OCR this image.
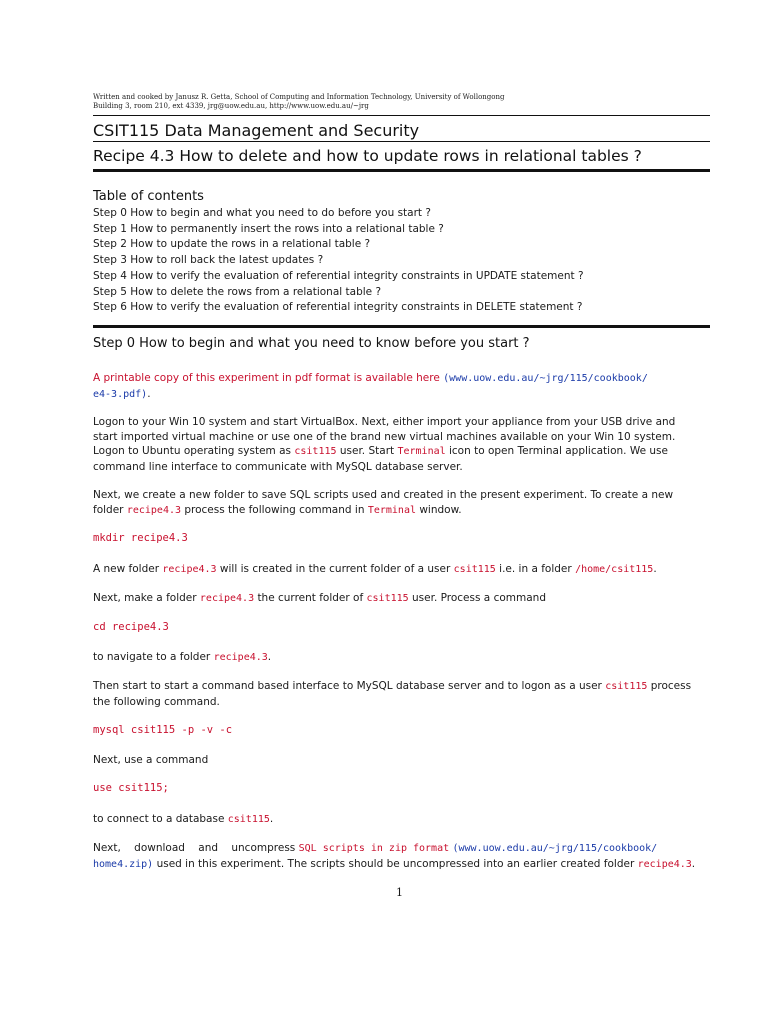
Written and cooked by Janusz R. Getta, School of Computing and Information Technology, University of Wollongong
Building 3, room 210, ext 4339, jrg@uow.edu.au, http://www.uow.edu.au/~jrg
CSIT115 Data Management and Security
Recipe 4.3 How to delete and how to update rows in relational tables ?
Table of contents
Step 0 How to begin and what you need to do before you start ?
Step 1 How to permanently insert the rows into a relational table ?
Step 2 How to update the rows in a relational table ?
Step 3 How to roll back the latest updates ?
Step 4 How to verify the evaluation of referential integrity constraints in UPDATE statement ?
Step 5 How to delete the rows from a relational table ?
Step 6 How to verify the evaluation of referential integrity constraints in DELETE statement ?
Step 0 How to begin and what you need to know before you start ?
A printable copy of this experiment in pdf format is available here (www.uow.edu.au/~jrg/115/cookbook/
e4-3.pdf).
Logon to your Win 10 system and start VirtualBox. Next, either import your appliance from your USB drive and
start imported virtual machine or use one of the brand new virtual machines available on your Win 10 system.
Logon to Ubuntu operating system as csit115 user. Start Terminal icon to open Terminal application. We use
command line interface to communicate with MySQL database server.
Next, we create a new folder to save SQL scripts used and created in the present experiment. To create a new
folder recipe4.3 process the following command in Terminal window.
mkdir recipe4.3
A new folder recipe4.3 will is created in the current folder of a user csit115 i.e. in a folder /home/csit115.
Next, make a folder recipe4.3 the current folder of csit115 user. Process a command
cd recipe4.3
to navigate to a folder recipe4.3.
Then start to start a command based interface to MySQL database server and to logon as a user csit115 process
the following command.
mysql csit115 -p -v -c
Next, use a command
use csit115;
to connect to a database csit115.
Next,    download    and    uncompress SQL scripts in zip format (www.uow.edu.au/~jrg/115/cookbook/
home4.zip) used in this experiment. The scripts should be uncompressed into an earlier created folder recipe4.3.
1
